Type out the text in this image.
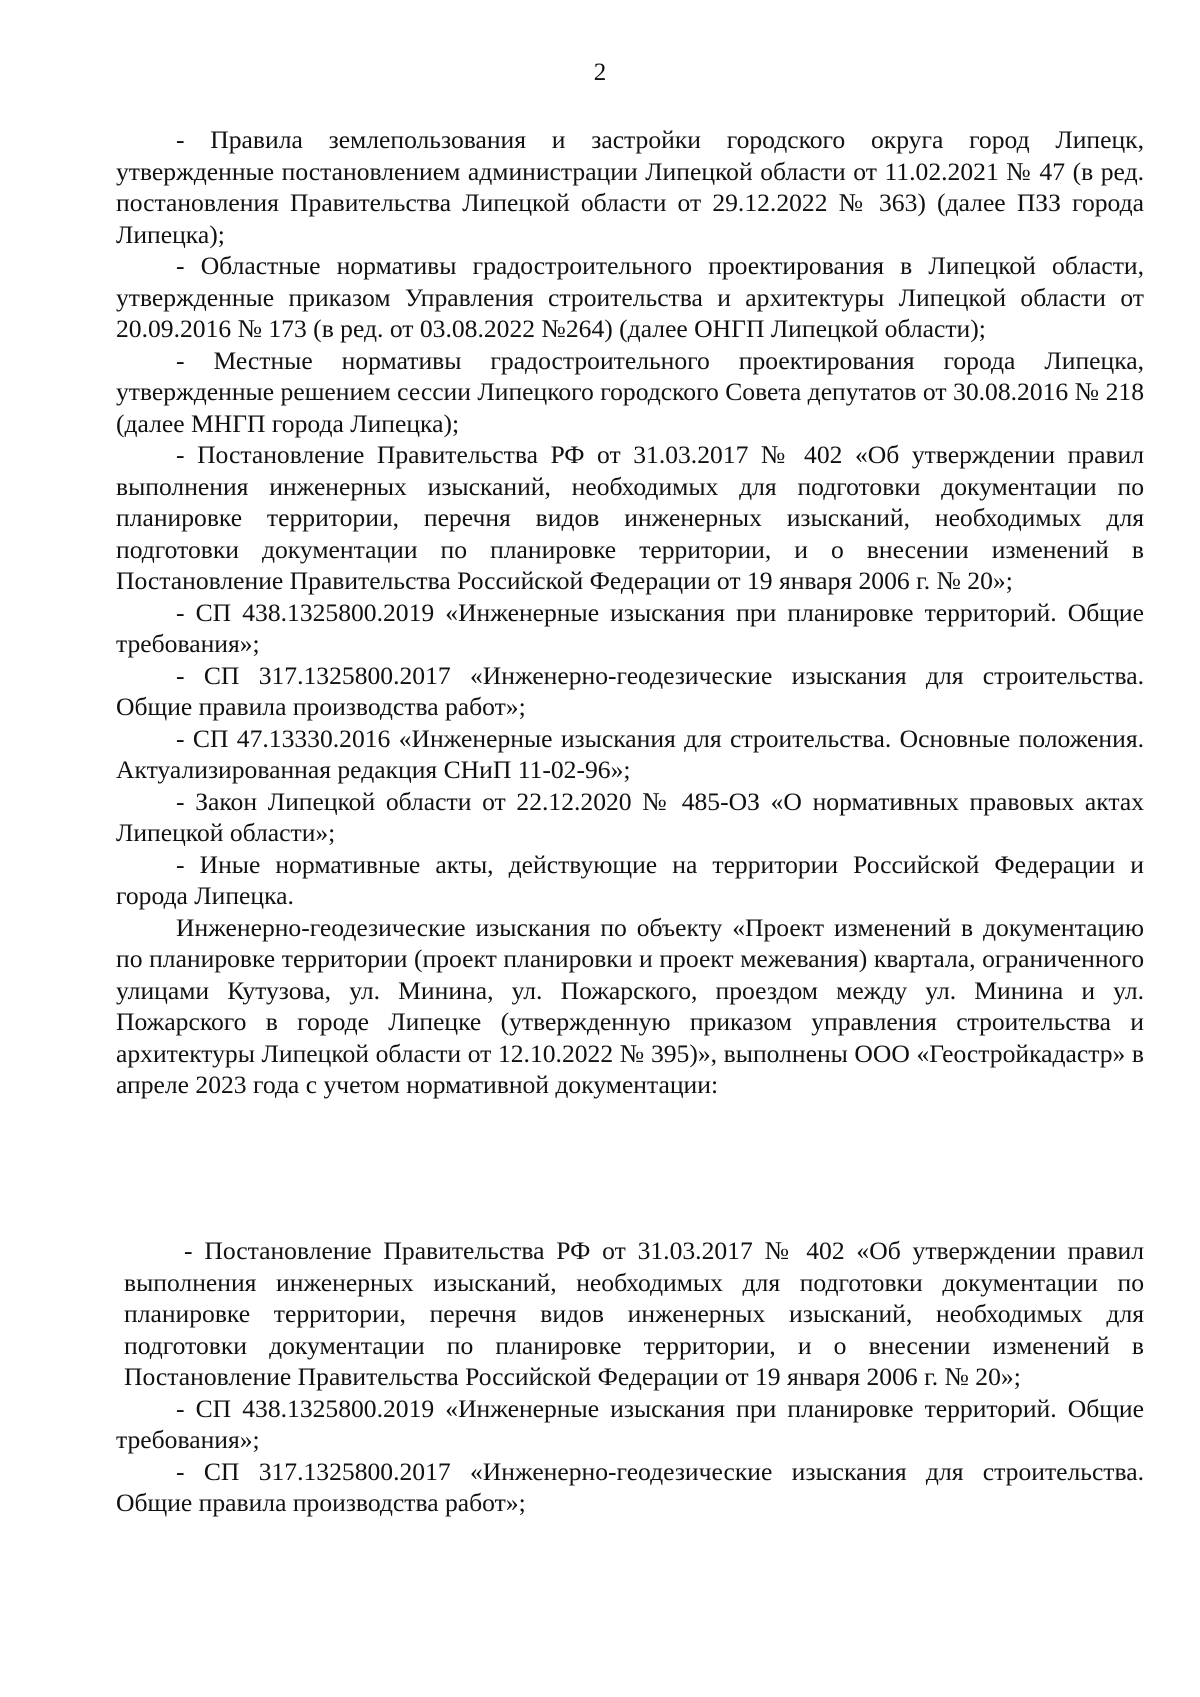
2

- Правила землепользования и застройки городского округа город Липецк, утвержденные постановлением администрации Липецкой области от 11.02.2021 № 47 (в ред. постановления Правительства Липецкой области от 29.12.2022 № 363) (далее ПЗЗ города Липецка);

- Областные нормативы градостроительного проектирования в Липецкой области, утвержденные приказом Управления строительства и архитектуры Липецкой области от 20.09.2016 № 173 (в ред. от 03.08.2022 №264) (далее ОНГП Липецкой области);

- Местные нормативы градостроительного проектирования города Липецка, утвержденные решением сессии Липецкого городского Совета депутатов от 30.08.2016 № 218 (далее МНГП города Липецка);

- Постановление Правительства РФ от 31.03.2017 № 402 «Об утверждении правил выполнения инженерных изысканий, необходимых для подготовки документации по планировке территории, перечня видов инженерных изысканий, необходимых для подготовки документации по планировке территории, и о внесении изменений в Постановление Правительства Российской Федерации от 19 января 2006 г. № 20»;

- СП 438.1325800.2019 «Инженерные изыскания при планировке территорий. Общие требования»;

- СП 317.1325800.2017 «Инженерно-геодезические изыскания для строительства. Общие правила производства работ»;

- СП 47.13330.2016 «Инженерные изыскания для строительства. Основные положения. Актуализированная редакция СНиП 11-02-96»;

- Закон Липецкой области от 22.12.2020 № 485-ОЗ «О нормативных правовых актах Липецкой области»;

- Иные нормативные акты, действующие на территории Российской Федерации и города Липецка.

Инженерно-геодезические изыскания по объекту «Проект изменений в документацию по планировке территории (проект планировки и проект межевания) квартала, ограниченного улицами Кутузова, ул. Минина, ул. Пожарского, проездом между ул. Минина и ул. Пожарского в городе Липецке (утвержденную приказом управления строительства и архитектуры Липецкой области от 12.10.2022 № 395)», выполнены ООО «Геостройкадастр» в апреле 2023 года с учетом нормативной документации:

- Постановление Правительства РФ от 31.03.2017 № 402 «Об утверждении правил выполнения инженерных изысканий, необходимых для подготовки документации по планировке территории, перечня видов инженерных изысканий, необходимых для подготовки документации по планировке территории, и о внесении изменений в Постановление Правительства Российской Федерации от 19 января 2006 г. № 20»;

- СП 438.1325800.2019 «Инженерные изыскания при планировке территорий. Общие требования»;

- СП 317.1325800.2017 «Инженерно-геодезические изыскания для строительства. Общие правила производства работ»;
